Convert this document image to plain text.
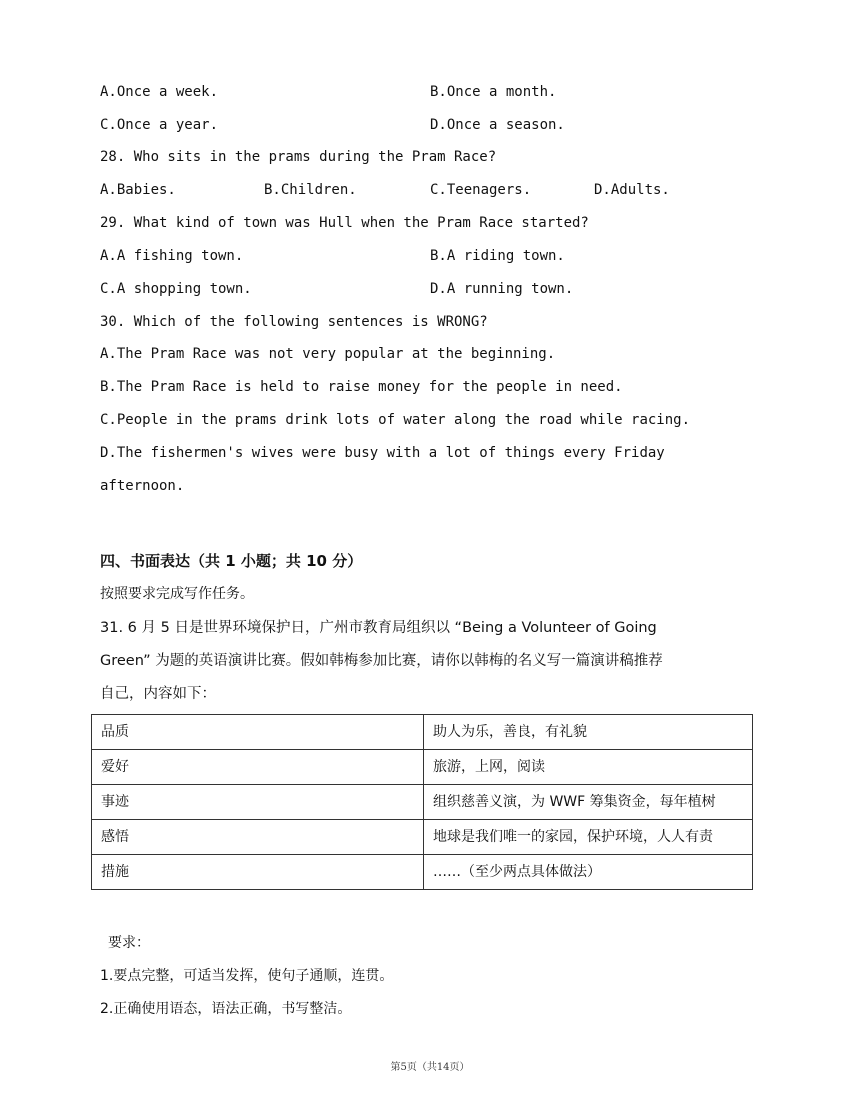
A.Once a week.	B.Once a month.
C.Once a year.	D.Once a season.
28. Who sits in the prams during the Pram Race?
A.Babies.	B.Children.	C.Teenagers.	D.Adults.
29. What kind of town was Hull when the Pram Race started?
A.A fishing town.	B.A riding town.
C.A shopping town.	D.A running town.
30. Which of the following sentences is WRONG?
A.The Pram Race was not very popular at the beginning.
B.The Pram Race is held to raise money for the people in need.
C.People in the prams drink lots of water along the road while racing.
D.The fishermen's wives were busy with a lot of things every Friday
afternoon.
四、书面表达（共 1 小题；共 10 分）
按照要求完成写作任务。
31. 6 月 5 日是世界环境保护日，广州市教育局组织以 “Being a Volunteer of Going
Green” 为题的英语演讲比赛。假如韩梅参加比赛，请你以韩梅的名义写一篇演讲稿推荐
自己，内容如下：
品质	助人为乐，善良，有礼貌
爱好	旅游，上网，阅读
事迹	组织慈善义演，为 WWF 筹集资金，每年植树
感悟	地球是我们唯一的家园，保护环境，人人有责
措施	……（至少两点具体做法）
要求：
1.要点完整，可适当发挥，使句子通顺，连贯。
2.正确使用语态，语法正确，书写整洁。
第5页（共14页）
